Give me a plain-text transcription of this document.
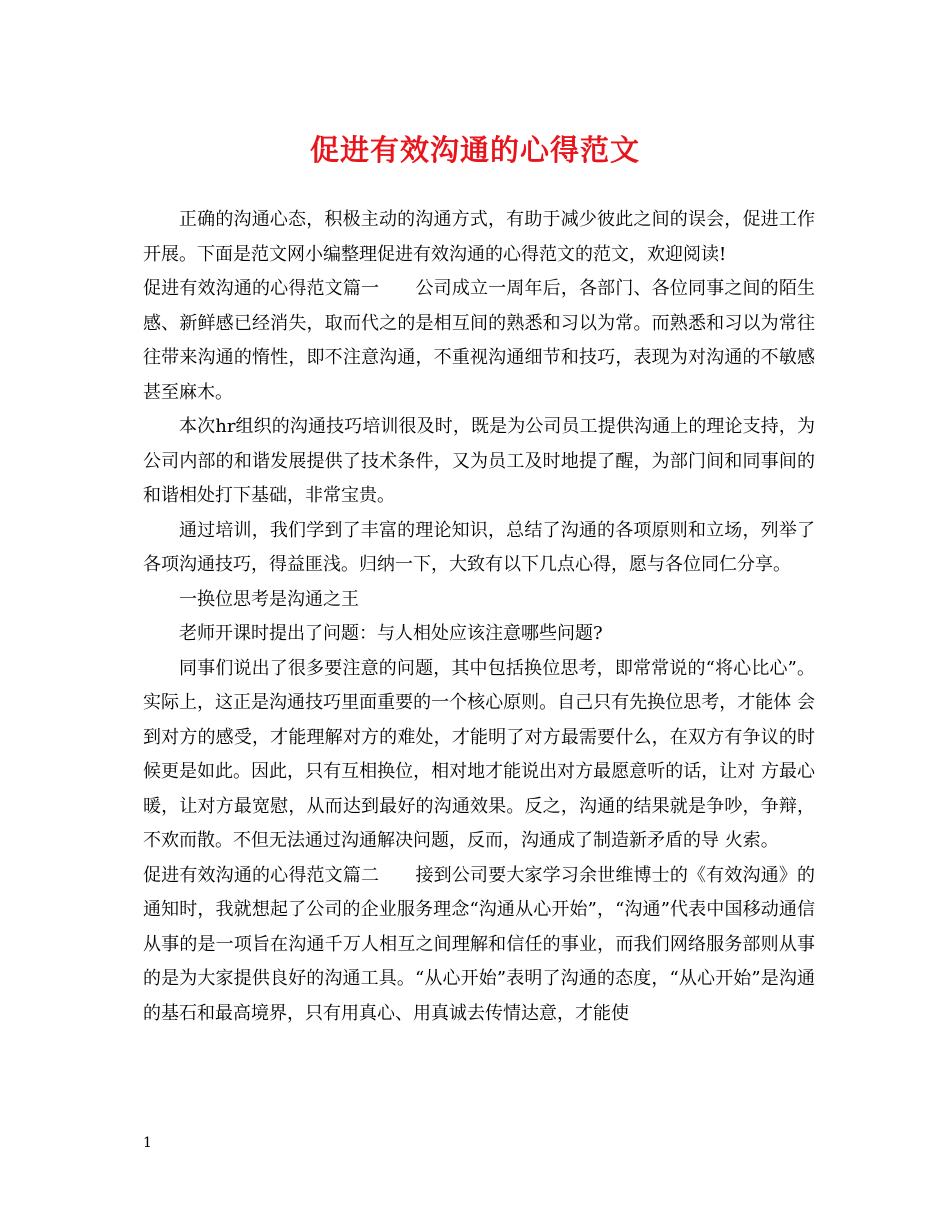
促进有效沟通的心得范文

正确的沟通心态，积极主动的沟通方式，有助于减少彼此之间的误会，促进工作开展。下面是范文网小编整理促进有效沟通的心得范文的范文，欢迎阅读!

促进有效沟通的心得范文篇一　　公司成立一周年后，各部门、各位同事之间的陌生感、新鲜感已经消失，取而代之的是相互间的熟悉和习以为常。而熟悉和习以为常往往带来沟通的惰性，即不注意沟通，不重视沟通细节和技巧，表现为对沟通的不敏感甚至麻木。

本次hr组织的沟通技巧培训很及时，既是为公司员工提供沟通上的理论支持，为公司内部的和谐发展提供了技术条件，又为员工及时地提了醒，为部门间和同事间的和谐相处打下基础，非常宝贵。

通过培训，我们学到了丰富的理论知识，总结了沟通的各项原则和立场，列举了各项沟通技巧，得益匪浅。归纳一下，大致有以下几点心得，愿与各位同仁分享。

一换位思考是沟通之王

老师开课时提出了问题：与人相处应该注意哪些问题?

同事们说出了很多要注意的问题，其中包括换位思考，即常常说的“将心比心”。实际上，这正是沟通技巧里面重要的一个核心原则。自己只有先换位思考，才能体 会到对方的感受，才能理解对方的难处，才能明了对方最需要什么，在双方有争议的时候更是如此。因此，只有互相换位，相对地才能说出对方最愿意听的话，让对 方最心暖，让对方最宽慰，从而达到最好的沟通效果。反之，沟通的结果就是争吵，争辩，不欢而散。不但无法通过沟通解决问题，反而，沟通成了制造新矛盾的导 火索。

促进有效沟通的心得范文篇二　　接到公司要大家学习余世维博士的《有效沟通》的通知时，我就想起了公司的企业服务理念“沟通从心开始”，“沟通”代表中国移动通信从事的是一项旨在沟通千万人相互之间理解和信任的事业，而我们网络服务部则从事的是为大家提供良好的沟通工具。“从心开始”表明了沟通的态度，“从心开始”是沟通的基石和最高境界，只有用真心、用真诚去传情达意，才能使

1
